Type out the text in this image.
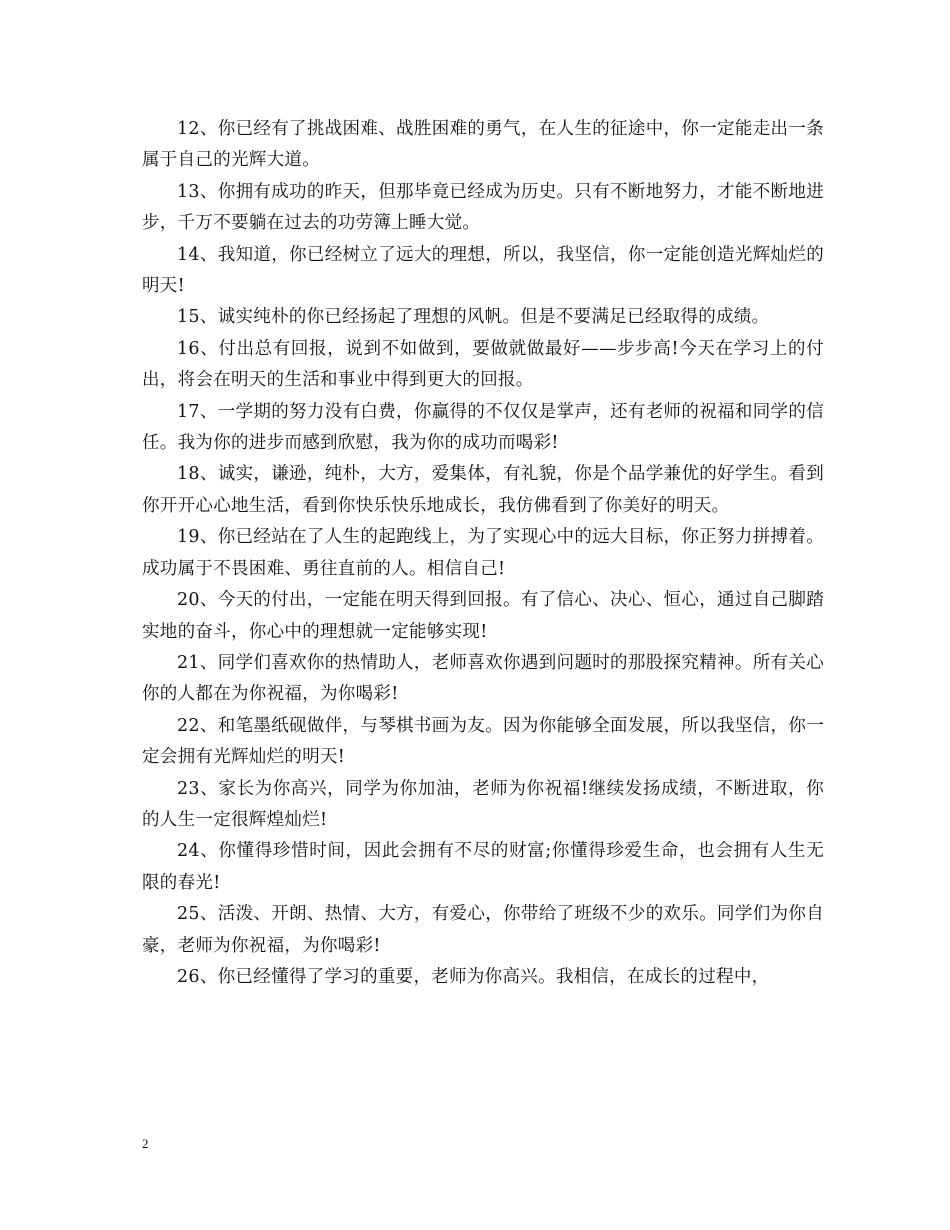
12、你已经有了挑战困难、战胜困难的勇气，在人生的征途中，你一定能走出一条属于自己的光辉大道。

13、你拥有成功的昨天，但那毕竟已经成为历史。只有不断地努力，才能不断地进步，千万不要躺在过去的功劳簿上睡大觉。

14、我知道，你已经树立了远大的理想，所以，我坚信，你一定能创造光辉灿烂的明天!

15、诚实纯朴的你已经扬起了理想的风帆。但是不要满足已经取得的成绩。

16、付出总有回报，说到不如做到，要做就做最好——步步高!今天在学习上的付出，将会在明天的生活和事业中得到更大的回报。

17、一学期的努力没有白费，你赢得的不仅仅是掌声，还有老师的祝福和同学的信任。我为你的进步而感到欣慰，我为你的成功而喝彩!

18、诚实，谦逊，纯朴，大方，爱集体，有礼貌，你是个品学兼优的好学生。看到你开开心心地生活，看到你快乐快乐地成长，我仿佛看到了你美好的明天。

19、你已经站在了人生的起跑线上，为了实现心中的远大目标，你正努力拼搏着。成功属于不畏困难、勇往直前的人。相信自己!

20、今天的付出，一定能在明天得到回报。有了信心、决心、恒心，通过自己脚踏实地的奋斗，你心中的理想就一定能够实现!

21、同学们喜欢你的热情助人，老师喜欢你遇到问题时的那股探究精神。所有关心你的人都在为你祝福，为你喝彩!

22、和笔墨纸砚做伴，与琴棋书画为友。因为你能够全面发展，所以我坚信，你一定会拥有光辉灿烂的明天!

23、家长为你高兴，同学为你加油，老师为你祝福!继续发扬成绩，不断进取，你的人生一定很辉煌灿烂!

24、你懂得珍惜时间，因此会拥有不尽的财富;你懂得珍爱生命，也会拥有人生无限的春光!

25、活泼、开朗、热情、大方，有爱心，你带给了班级不少的欢乐。同学们为你自豪，老师为你祝福，为你喝彩!

26、你已经懂得了学习的重要，老师为你高兴。我相信，在成长的过程中，

2
